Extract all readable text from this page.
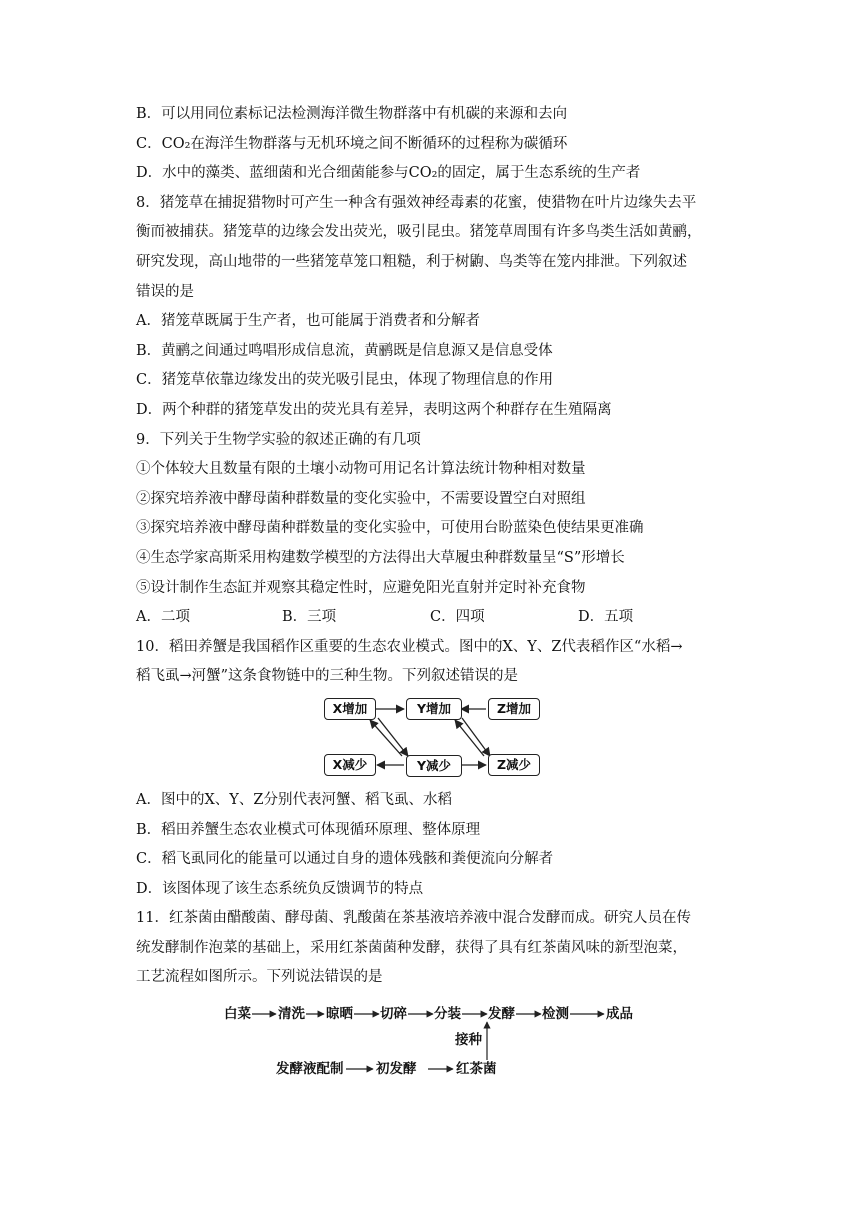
B．可以用同位素标记法检测海洋微生物群落中有机碳的来源和去向
C．CO₂在海洋生物群落与无机环境之间不断循环的过程称为碳循环
D．水中的藻类、蓝细菌和光合细菌能参与CO₂的固定，属于生态系统的生产者
8．猪笼草在捕捉猎物时可产生一种含有强效神经毒素的花蜜，使猎物在叶片边缘失去平
衡而被捕获。猪笼草的边缘会发出荧光，吸引昆虫。猪笼草周围有许多鸟类生活如黄鹂，
研究发现，高山地带的一些猪笼草笼口粗糙，利于树鼩、鸟类等在笼内排泄。下列叙述
错误的是
A．猪笼草既属于生产者，也可能属于消费者和分解者
B．黄鹂之间通过鸣唱形成信息流，黄鹂既是信息源又是信息受体
C．猪笼草依靠边缘发出的荧光吸引昆虫，体现了物理信息的作用
D．两个种群的猪笼草发出的荧光具有差异，表明这两个种群存在生殖隔离
9．下列关于生物学实验的叙述正确的有几项
①个体较大且数量有限的土壤小动物可用记名计算法统计物种相对数量
②探究培养液中酵母菌种群数量的变化实验中，不需要设置空白对照组
③探究培养液中酵母菌种群数量的变化实验中，可使用台盼蓝染色使结果更准确
④生态学家高斯采用构建数学模型的方法得出大草履虫种群数量呈“S”形增长
⑤设计制作生态缸并观察其稳定性时，应避免阳光直射并定时补充食物
A．二项	B．三项	C．四项	D．五项
10．稻田养蟹是我国稻作区重要的生态农业模式。图中的X、Y、Z代表稻作区“水稻→
稻飞虱→河蟹”这条食物链中的三种生物。下列叙述错误的是
X增加	Y增加	Z增加
X减少	Y减少	Z减少
A．图中的X、Y、Z分别代表河蟹、稻飞虱、水稻
B．稻田养蟹生态农业模式可体现循环原理、整体原理
C．稻飞虱同化的能量可以通过自身的遗体残骸和粪便流向分解者
D．该图体现了该生态系统负反馈调节的特点
11．红茶菌由醋酸菌、酵母菌、乳酸菌在茶基液培养液中混合发酵而成。研究人员在传
统发酵制作泡菜的基础上，采用红茶菌菌种发酵，获得了具有红茶菌风味的新型泡菜，
工艺流程如图所示。下列说法错误的是
白菜 清洗 晾晒 切碎 分装 发酵 检测	成品
接种
发酵液配制 初发酵	红茶菌
